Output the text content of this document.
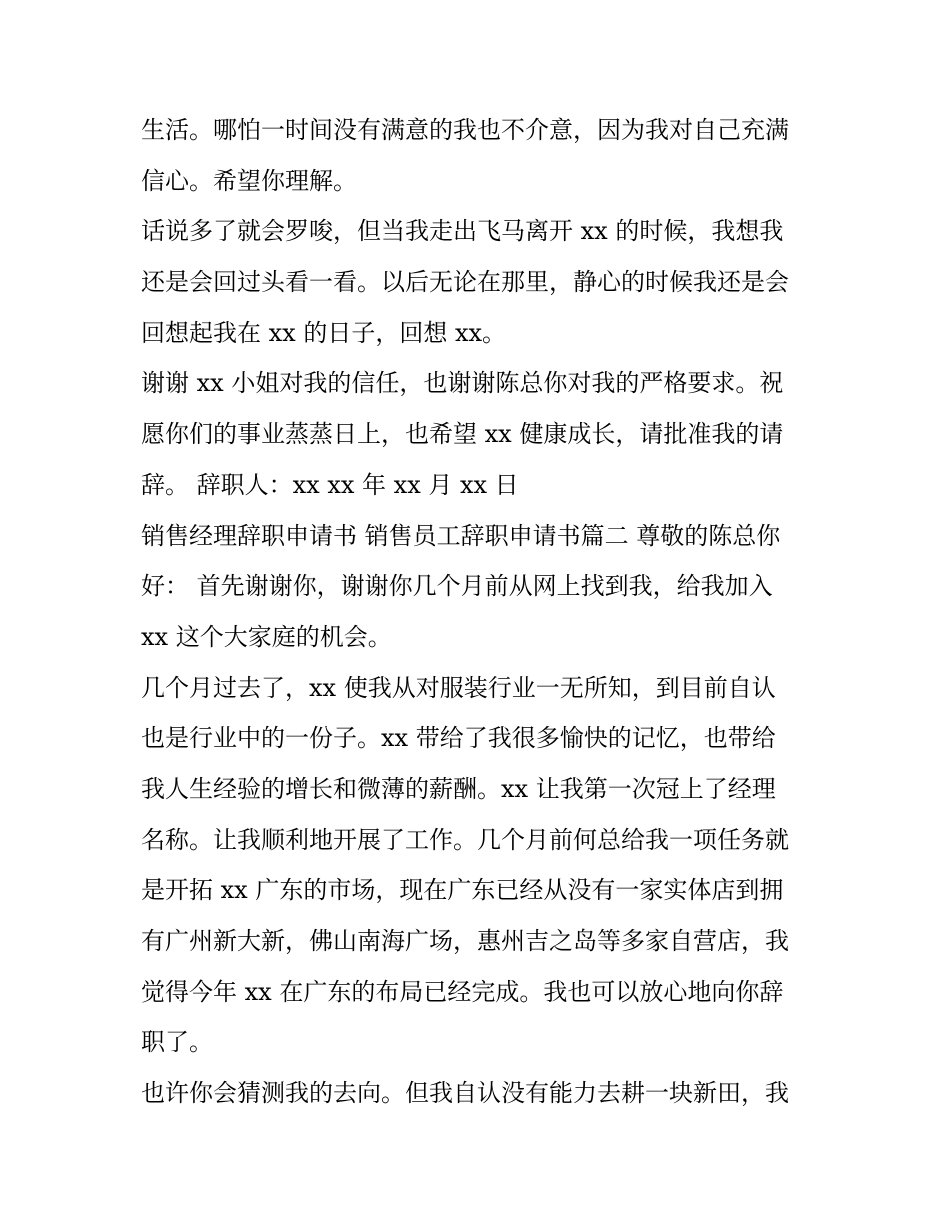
生活。哪怕一时间没有满意的我也不介意，因为我对自己充满
信心。希望你理解。
话说多了就会罗唆，但当我走出飞马离开 xx 的时候，我想我
还是会回过头看一看。以后无论在那里，静心的时候我还是会
回想起我在 xx 的日子，回想 xx。
谢谢 xx 小姐对我的信任，也谢谢陈总你对我的严格要求。祝
愿你们的事业蒸蒸日上，也希望 xx 健康成长，请批准我的请
辞。 辞职人：xx xx 年 xx 月 xx 日
销售经理辞职申请书 销售员工辞职申请书篇二 尊敬的陈总你
好： 首先谢谢你，谢谢你几个月前从网上找到我，给我加入
xx 这个大家庭的机会。
几个月过去了，xx 使我从对服装行业一无所知，到目前自认
也是行业中的一份子。xx 带给了我很多愉快的记忆，也带给
我人生经验的增长和微薄的薪酬。xx 让我第一次冠上了经理
名称。让我顺利地开展了工作。几个月前何总给我一项任务就
是开拓 xx 广东的市场，现在广东已经从没有一家实体店到拥
有广州新大新，佛山南海广场，惠州吉之岛等多家自营店，我
觉得今年 xx 在广东的布局已经完成。我也可以放心地向你辞
职了。
也许你会猜测我的去向。但我自认没有能力去耕一块新田，我
